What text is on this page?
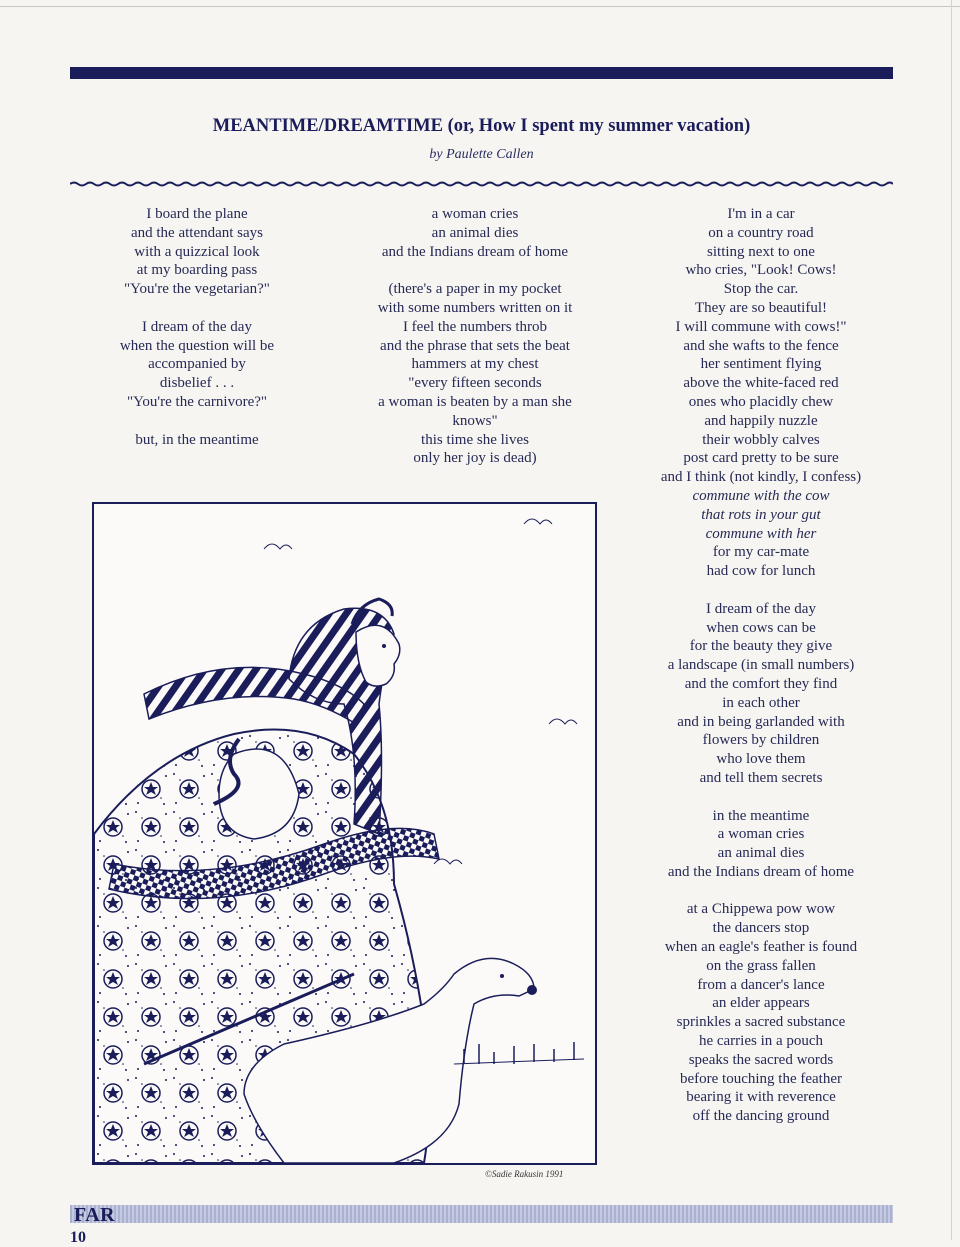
MEANTIME/DREAMTIME (or, How I spent my summer vacation)
by Paulette Callen
I board the plane
and the attendant says
with a quizzical look
at my boarding pass
"You're the vegetarian?"
I dream of the day
when the question will be
accompanied by
disbelief . . .
"You're the carnivore?"
but, in the meantime
a woman cries
an animal dies
and the Indians dream of home
(there's a paper in my pocket
with some numbers written on it
I feel the numbers throb
and the phrase that sets the beat
hammers at my chest
"every fifteen seconds
a woman is beaten by a man she
knows"
this time she lives
only her joy is dead)
I'm in a car
on a country road
sitting next to one
who cries, "Look! Cows!
Stop the car.
They are so beautiful!
I will commune with cows!"
and she wafts to the fence
her sentiment flying
above the white-faced red
ones who placidly chew
and happily nuzzle
their wobbly calves
post card pretty to be sure
and I think (not kindly, I confess)
commune with the cow
that rots in your gut
commune with her
for my car-mate
had cow for lunch
I dream of the day
when cows can be
for the beauty they give
a landscape (in small numbers)
and the comfort they find
in each other
and in being garlanded with
flowers by children
who love them
and tell them secrets
in the meantime
a woman cries
an animal dies
and the Indians dream of home
at a Chippewa pow wow
the dancers stop
when an eagle's feather is found
on the grass fallen
from a dancer's lance
an elder appears
sprinkles a sacred substance
he carries in a pouch
speaks the sacred words
before touching the feather
bearing it with reverence
off the dancing ground
©Sadie Rakusin 1991
FAR
10
